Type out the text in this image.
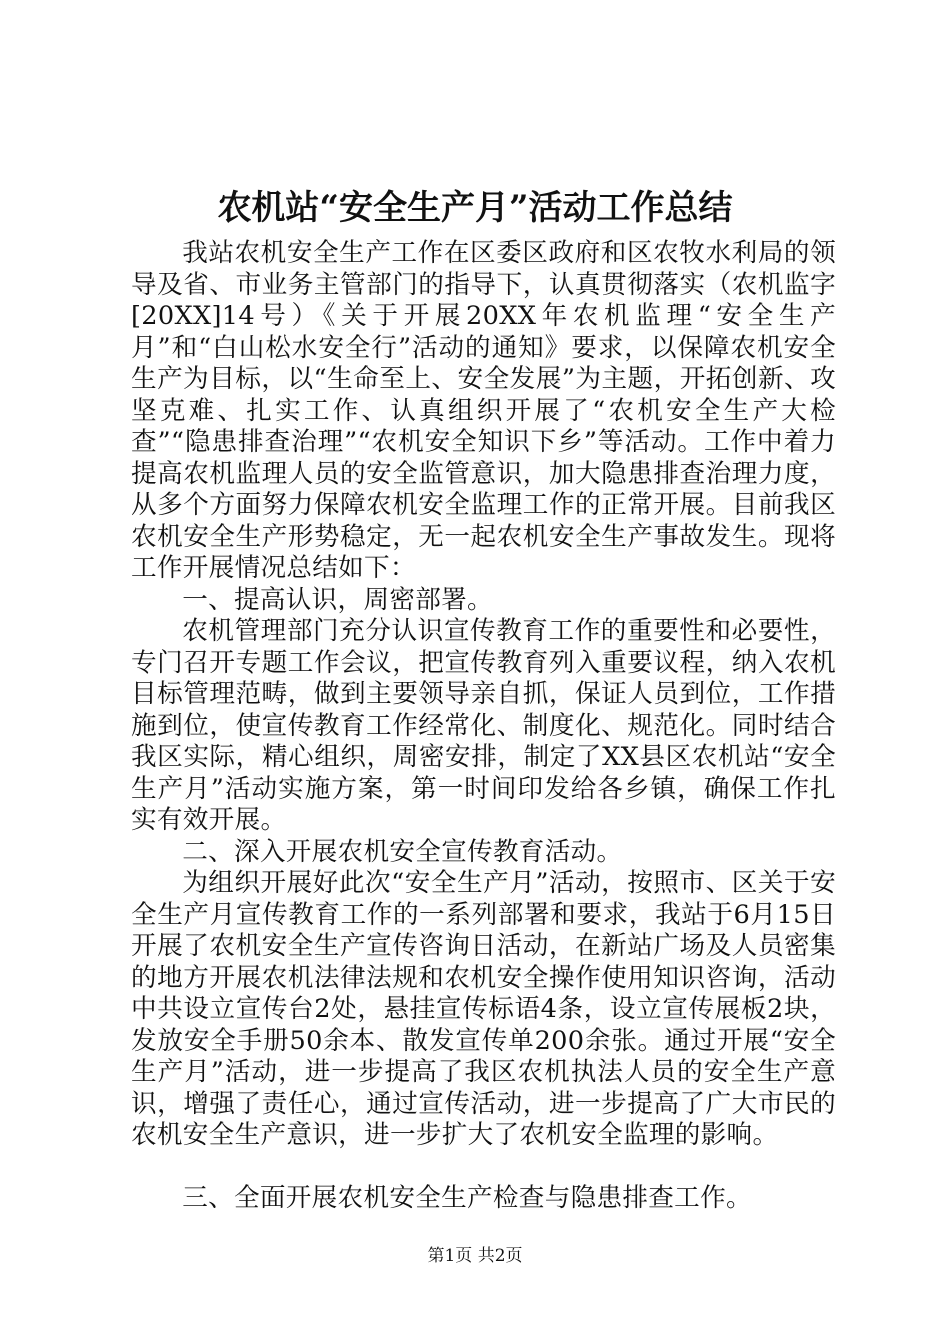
农机站“安全生产月”活动工作总结

我站农机安全生产工作在区委区政府和区农牧水利局的领导及省、市业务主管部门的指导下，认真贯彻落实（农机监字[20XX]14号）《关于开展20XX年农机监理“安全生产月”和“白山松水安全行”活动的通知》要求，以保障农机安全生产为目标，以“生命至上、安全发展”为主题，开拓创新、攻坚克难、扎实工作、认真组织开展了“农机安全生产大检查”“隐患排查治理”“农机安全知识下乡”等活动。工作中着力提高农机监理人员的安全监管意识，加大隐患排查治理力度，从多个方面努力保障农机安全监理工作的正常开展。目前我区农机安全生产形势稳定，无一起农机安全生产事故发生。现将工作开展情况总结如下：

一、提高认识，周密部署。

农机管理部门充分认识宣传教育工作的重要性和必要性，专门召开专题工作会议，把宣传教育列入重要议程，纳入农机目标管理范畴，做到主要领导亲自抓，保证人员到位，工作措施到位，使宣传教育工作经常化、制度化、规范化。同时结合我区实际，精心组织，周密安排，制定了XX县区农机站“安全生产月”活动实施方案，第一时间印发给各乡镇，确保工作扎实有效开展。

二、深入开展农机安全宣传教育活动。

为组织开展好此次“安全生产月”活动，按照市、区关于安全生产月宣传教育工作的一系列部署和要求，我站于6月15日开展了农机安全生产宣传咨询日活动，在新站广场及人员密集的地方开展农机法律法规和农机安全操作使用知识咨询，活动中共设立宣传台2处，悬挂宣传标语4条，设立宣传展板2块，发放安全手册50余本、散发宣传单200余张。通过开展“安全生产月”活动，进一步提高了我区农机执法人员的安全生产意识，增强了责任心，通过宣传活动，进一步提高了广大市民的农机安全生产意识，进一步扩大了农机安全监理的影响。

三、全面开展农机安全生产检查与隐患排查工作。

第1页 共2页
